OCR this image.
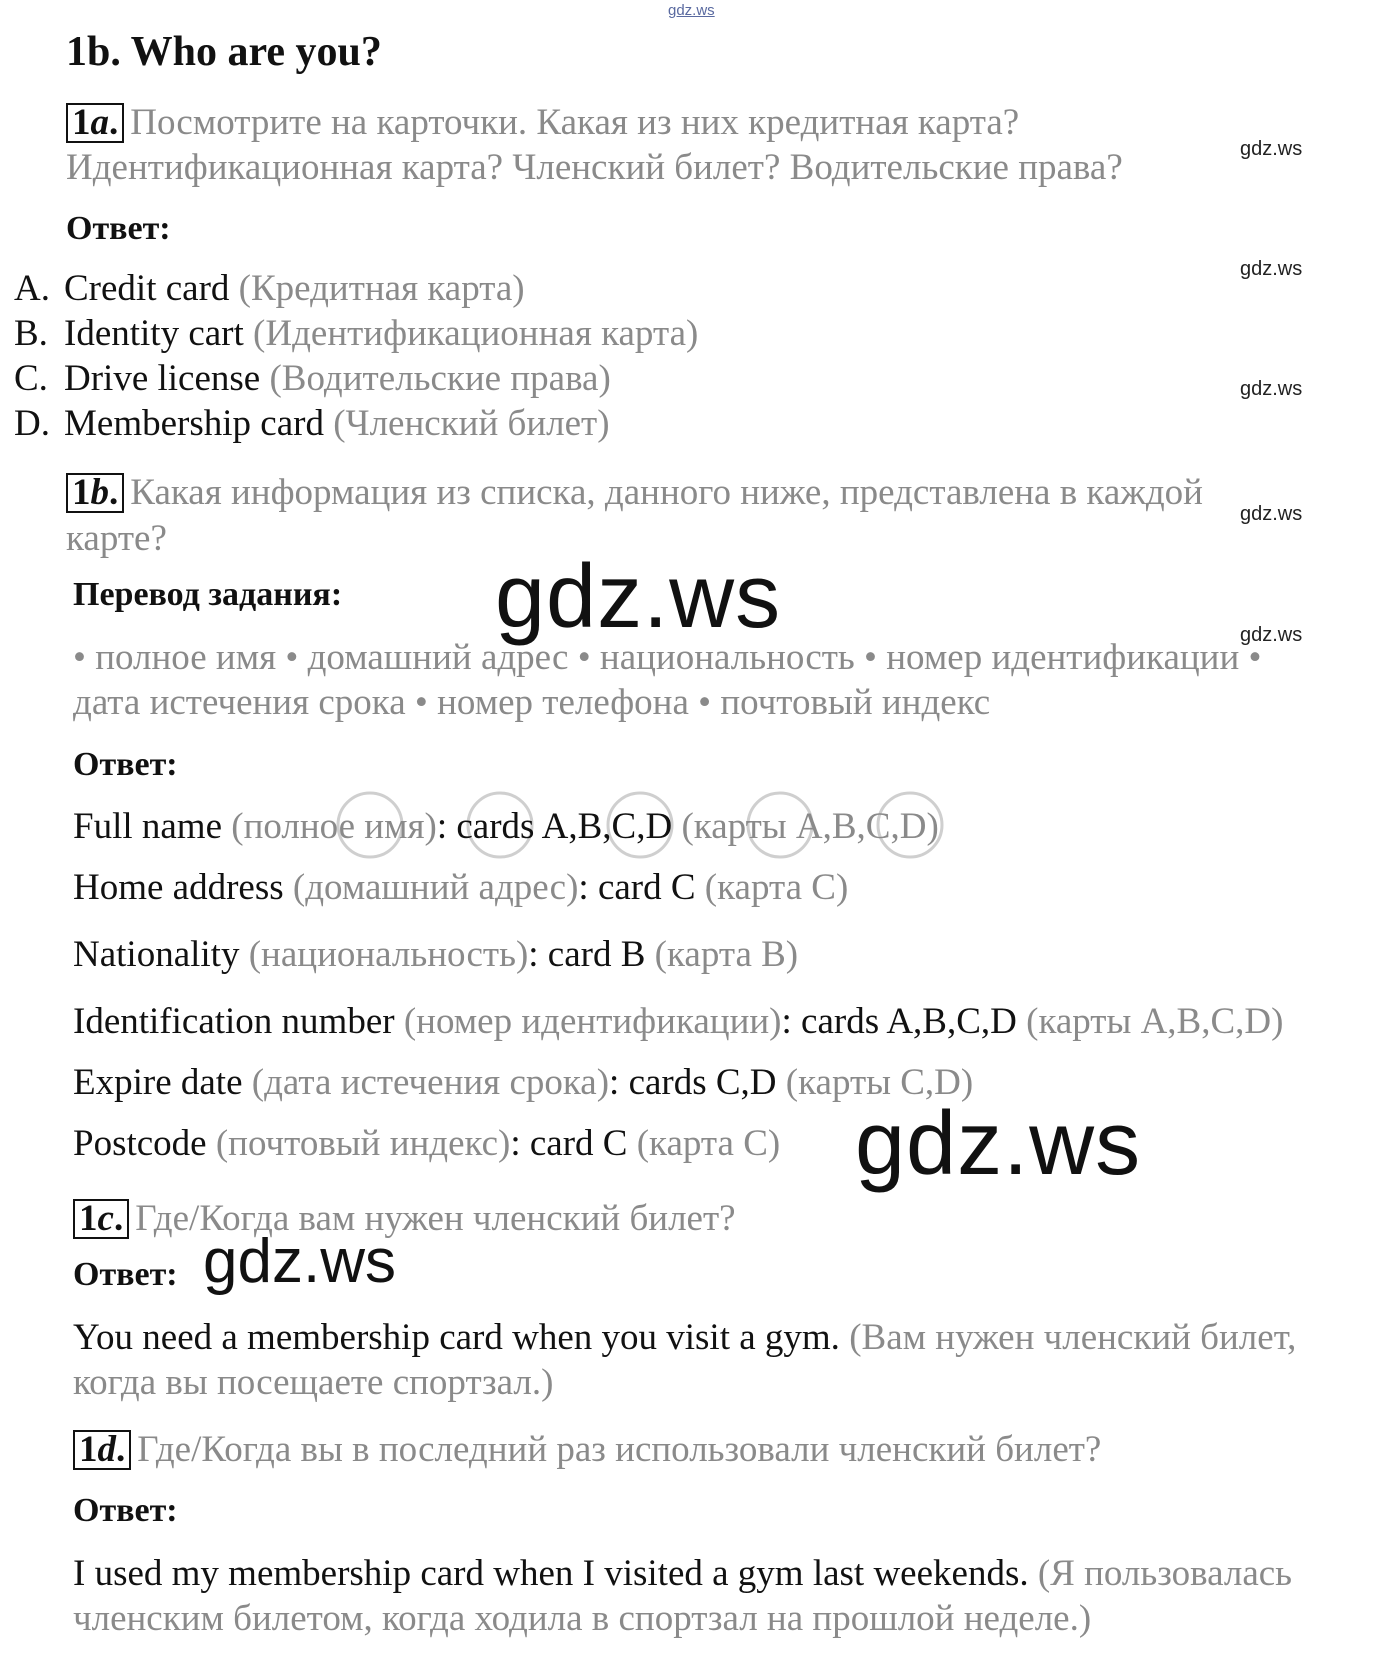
gdz.ws
1b. Who are you?
1a. Посмотрите на карточки. Какая из них кредитная карта?
Идентификационная карта? Членский билет? Водительские права?	gdz.ws
Ответ:
gdz.ws
A. Credit card (Кредитная карта)
B. Identity cart (Идентификационная карта)
C. Drive license (Водительские права)	gdz.ws
D. Membership card (Членский билет)
1b. Какая информация из списка, данного ниже, представлена в каждой
gdz.ws
карте?
Перевод задания: gdz.ws	gdz.ws
• полное имя • домашний адрес • национальность • номер идентификации •
дата истечения срока • номер телефона • почтовый индекс
Ответ:
Full name (полное имя): cards A,B,C,D (карты A,B,C,D)
Home address (домашний адрес): card C (карта C)
Nationality (национальность): card B (карта B)
Identification number (номер идентификации): cards A,B,C,D (карты A,B,C,D)
Expire date (дата истечения срока): cards C,D (карты C,D)
Postcode (почтовый индекс): card C (карта C) gdz.ws
1c. Где/Когда вам нужен членский билет?
Ответ: gdz.ws
You need a membership card when you visit a gym. (Вам нужен членский билет,
когда вы посещаете спортзал.)
1d. Где/Когда вы в последний раз использовали членский билет?
Ответ:
I used my membership card when I visited a gym last weekends. (Я пользовалась
членским билетом, когда ходила в спортзал на прошлой неделе.)
